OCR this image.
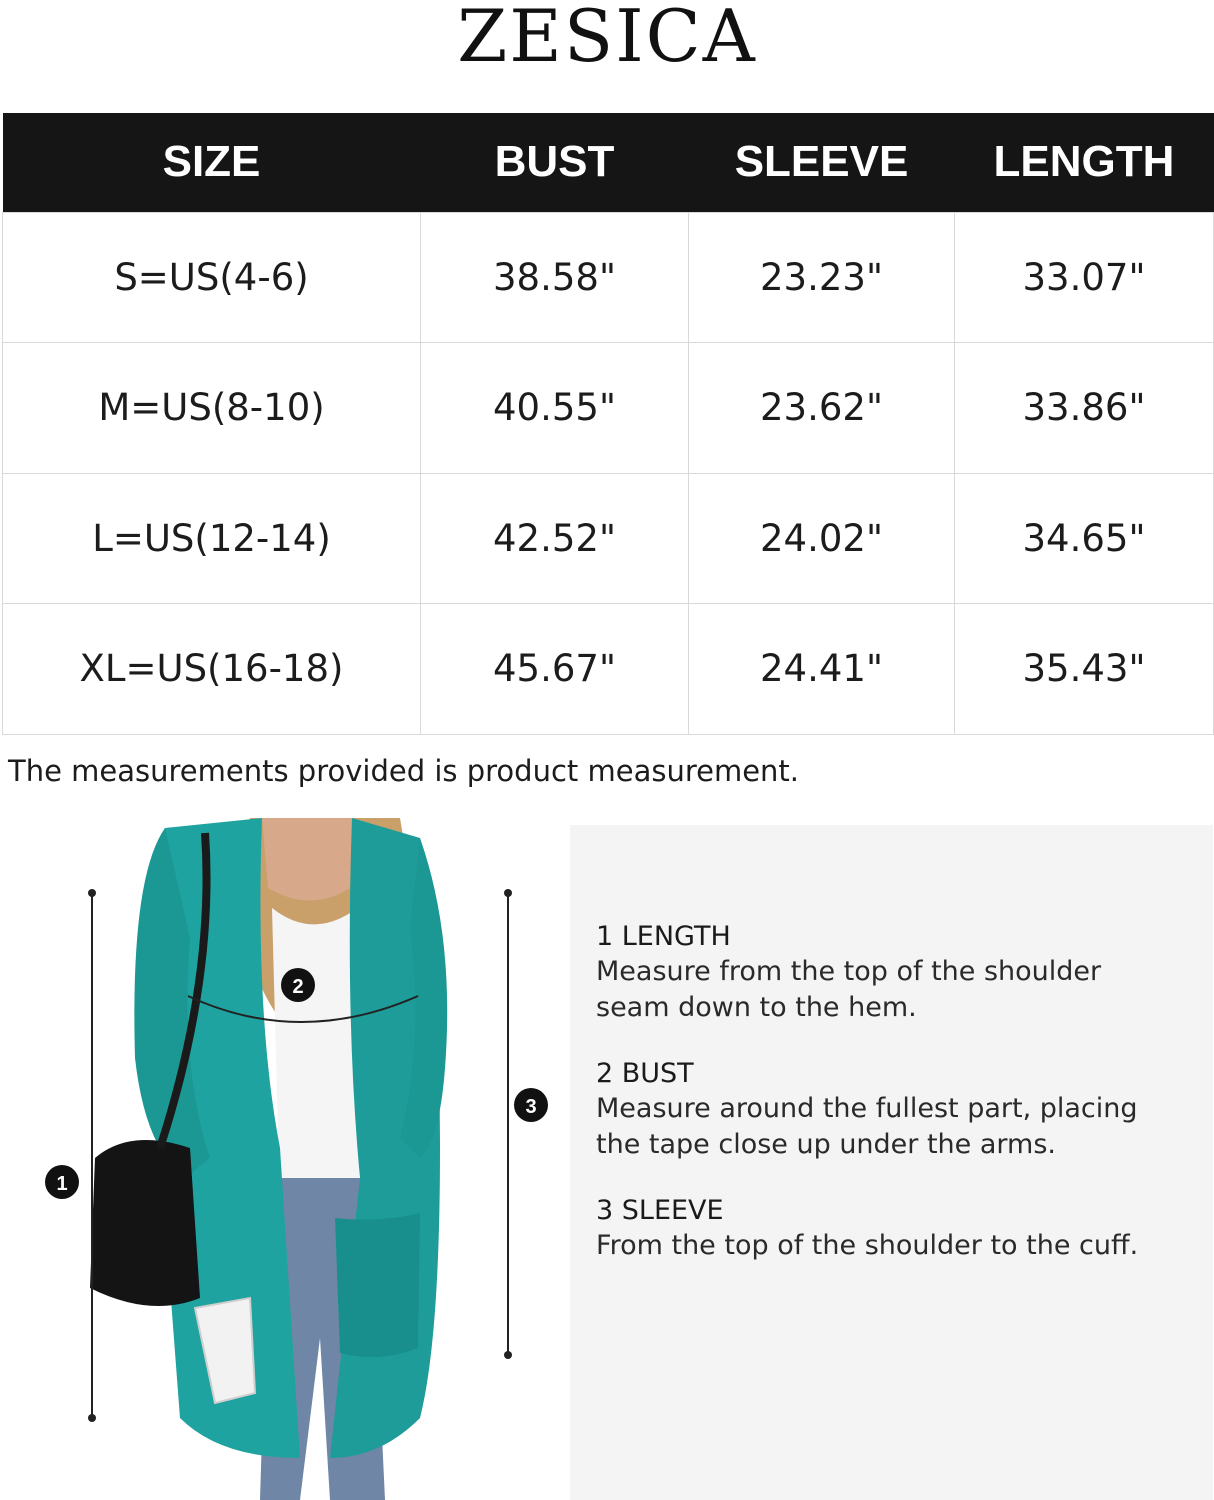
ZESICA
SIZE	BUST	SLEEVE	LENGTH
S=US(4-6)	38.58"	23.23"	33.07"
M=US(8-10)	40.55"	23.62"	33.86"
L=US(12-14)	42.52"	24.02"	34.65"
XL=US(16-18)	45.67"	24.41"	35.43"
The measurements provided is product measurement.
1
2
3
1 LENGTH
Measure from the top of the shoulder
seam down to the hem.
2 BUST
Measure around the fullest part, placing
the tape close up under the arms.
3 SLEEVE
From the top of the shoulder to the cuff.
